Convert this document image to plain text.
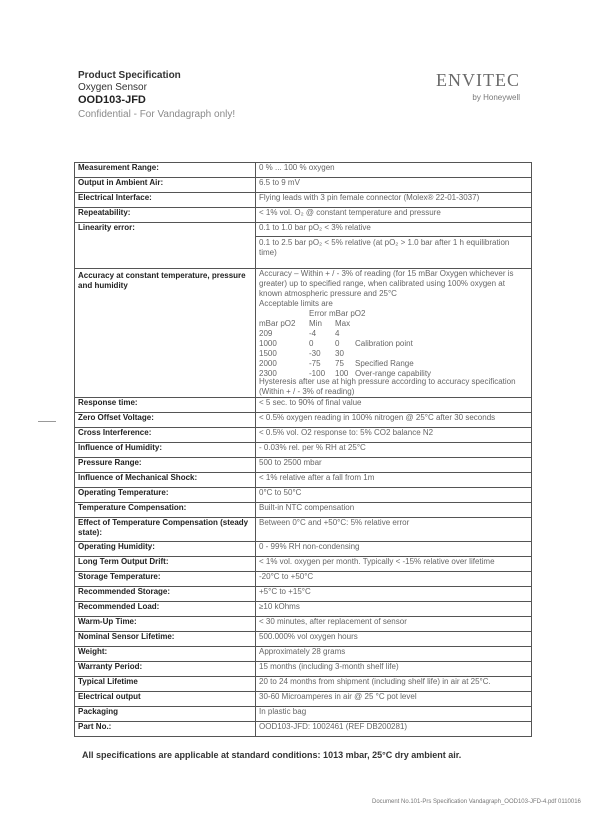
Product Specification
Oxygen Sensor
OOD103-JFD
Confidential - For Vandagraph only!
ENVITEC
by Honeywell
Measurement Range:	0 % ... 100 % oxygen
Output in Ambient Air:	6.5 to 9 mV
Electrical Interface:	Flying leads with 3 pin female connector (Molex® 22-01-3037)
Repeatability:	< 1% vol. O₂ @ constant temperature and pressure
Linearity error:	0.1 to 1.0 bar pO₂ < 3% relative
0.1 to 2.5 bar pO₂ < 5% relative (at pO₂ > 1.0 bar after 1 h equilibration time)

Accuracy at constant temperature, pressure and humidity	
Accuracy – Within + / - 3% of reading (for 15 mBar Oxygen whichever is greater) up to specified range, when calibrated using 100% oxygen at known atmospheric pressure and 25°C
Acceptable limits are
	Error mBar pO2
mBar pO2	Min	Max	
209	-4	4	
1000	0	0	Calibration point
1500	-30	30	
2000	-75	75	Specified Range
2300	-100	100	Over-range capability
Hysteresis after use at high pressure according to accuracy specification (Within + / - 3% of reading)

Response time:	< 5 sec. to 90% of final value
Zero Offset Voltage:	< 0.5% oxygen reading in 100% nitrogen @ 25°C after 30 seconds
Cross Interference:	< 0.5% vol. O2 response to: 5% CO2 balance N2
Influence of Humidity:	- 0.03% rel. per % RH at 25°C
Pressure Range:	500 to 2500 mbar
Influence of Mechanical Shock:	< 1% relative after a fall from 1m
Operating Temperature:	0°C to 50°C
Temperature Compensation:	Built-in NTC compensation
Effect of Temperature Compensation (steady state):	Between 0°C and +50°C: 5% relative error
Operating Humidity:	0 - 99% RH non-condensing
Long Term Output Drift:	< 1% vol. oxygen per month. Typically < -15% relative over lifetime
Storage Temperature:	-20°C to +50°C
Recommended Storage:	+5°C to +15°C
Recommended Load:	≥10 kOhms
Warm-Up Time:	< 30 minutes, after replacement of sensor
Nominal Sensor Lifetime:	500.000% vol oxygen hours
Weight:	Approximately 28 grams
Warranty Period:	15 months (including 3-month shelf life)
Typical Lifetime	20 to 24 months from shipment (including shelf life) in air at 25°C.
Electrical output	30-60 Microamperes in air @ 25 °C pot level
Packaging	In plastic bag
Part No.:	OOD103-JFD: 1002461 (REF DB200281)
All specifications are applicable at standard conditions: 1013 mbar, 25°C dry ambient air.
Document No.101-Prs Specification Vandagraph_OOD103-JFD-4.pdf 0110016
